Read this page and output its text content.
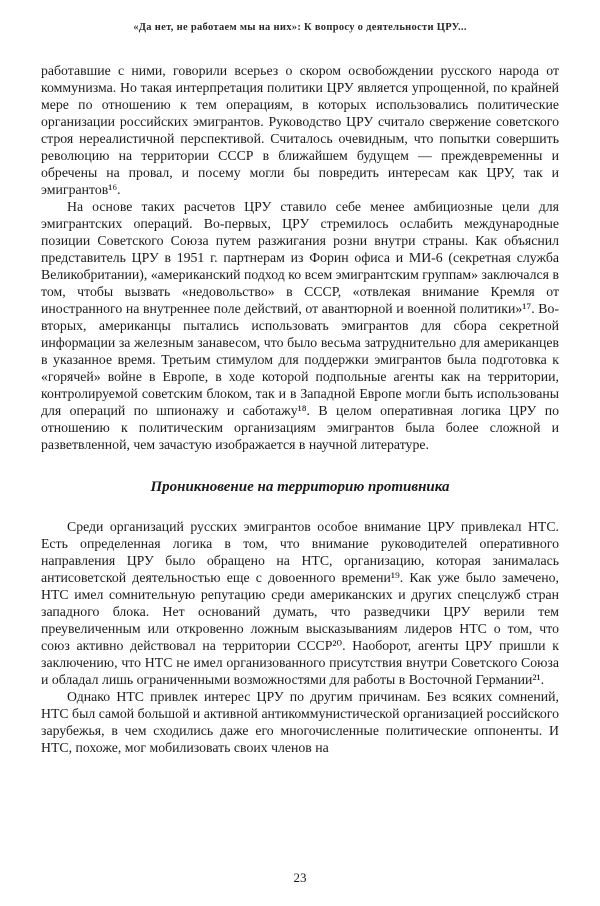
«Да нет, не работаем мы на них»: К вопросу о деятельности ЦРУ...

работавшие с ними, говорили всерьез о скором освобождении русского народа от коммунизма. Но такая интерпретация политики ЦРУ является упрощенной, по крайней мере по отношению к тем операциям, в которых использовались политические организации российских эмигрантов. Руководство ЦРУ считало свержение советского строя нереалистичной перспективой. Считалось очевидным, что попытки совершить революцию на территории СССР в ближайшем будущем — преждевременны и обречены на провал, и посему могли бы повредить интересам как ЦРУ, так и эмигрантов¹⁶.

На основе таких расчетов ЦРУ ставило себе менее амбициозные цели для эмигрантских операций. Во-первых, ЦРУ стремилось ослабить международные позиции Советского Союза путем разжигания розни внутри страны. Как объяснил представитель ЦРУ в 1951 г. партнерам из Форин офиса и МИ-6 (секретная служба Великобритании), «американский подход ко всем эмигрантским группам» заключался в том, чтобы вызвать «недовольство» в СССР, «отвлекая внимание Кремля от иностранного на внутреннее поле действий, от авантюрной и военной политики»¹⁷. Во-вторых, американцы пытались использовать эмигрантов для сбора секретной информации за железным занавесом, что было весьма затруднительно для американцев в указанное время. Третьим стимулом для поддержки эмигрантов была подготовка к «горячей» войне в Европе, в ходе которой подпольные агенты как на территории, контролируемой советским блоком, так и в Западной Европе могли быть использованы для операций по шпионажу и саботажу¹⁸. В целом оперативная логика ЦРУ по отношению к политическим организациям эмигрантов была более сложной и разветвленной, чем зачастую изображается в научной литературе.

Проникновение на территорию противника

Среди организаций русских эмигрантов особое внимание ЦРУ привлекал НТС. Есть определенная логика в том, что внимание руководителей оперативного направления ЦРУ было обращено на НТС, организацию, которая занималась антисоветской деятельностью еще с довоенного времени¹⁹. Как уже было замечено, НТС имел сомнительную репутацию среди американских и других спецслужб стран западного блока. Нет оснований думать, что разведчики ЦРУ верили тем преувеличенным или откровенно ложным высказываниям лидеров НТС о том, что союз активно действовал на территории СССР²⁰. Наоборот, агенты ЦРУ пришли к заключению, что НТС не имел организованного присутствия внутри Советского Союза и обладал лишь ограниченными возможностями для работы в Восточной Германии²¹.

Однако НТС привлек интерес ЦРУ по другим причинам. Без всяких сомнений, НТС был самой большой и активной антикоммунистической организацией российского зарубежья, в чем сходились даже его многочисленные политические оппоненты. И НТС, похоже, мог мобилизовать своих членов на

23
